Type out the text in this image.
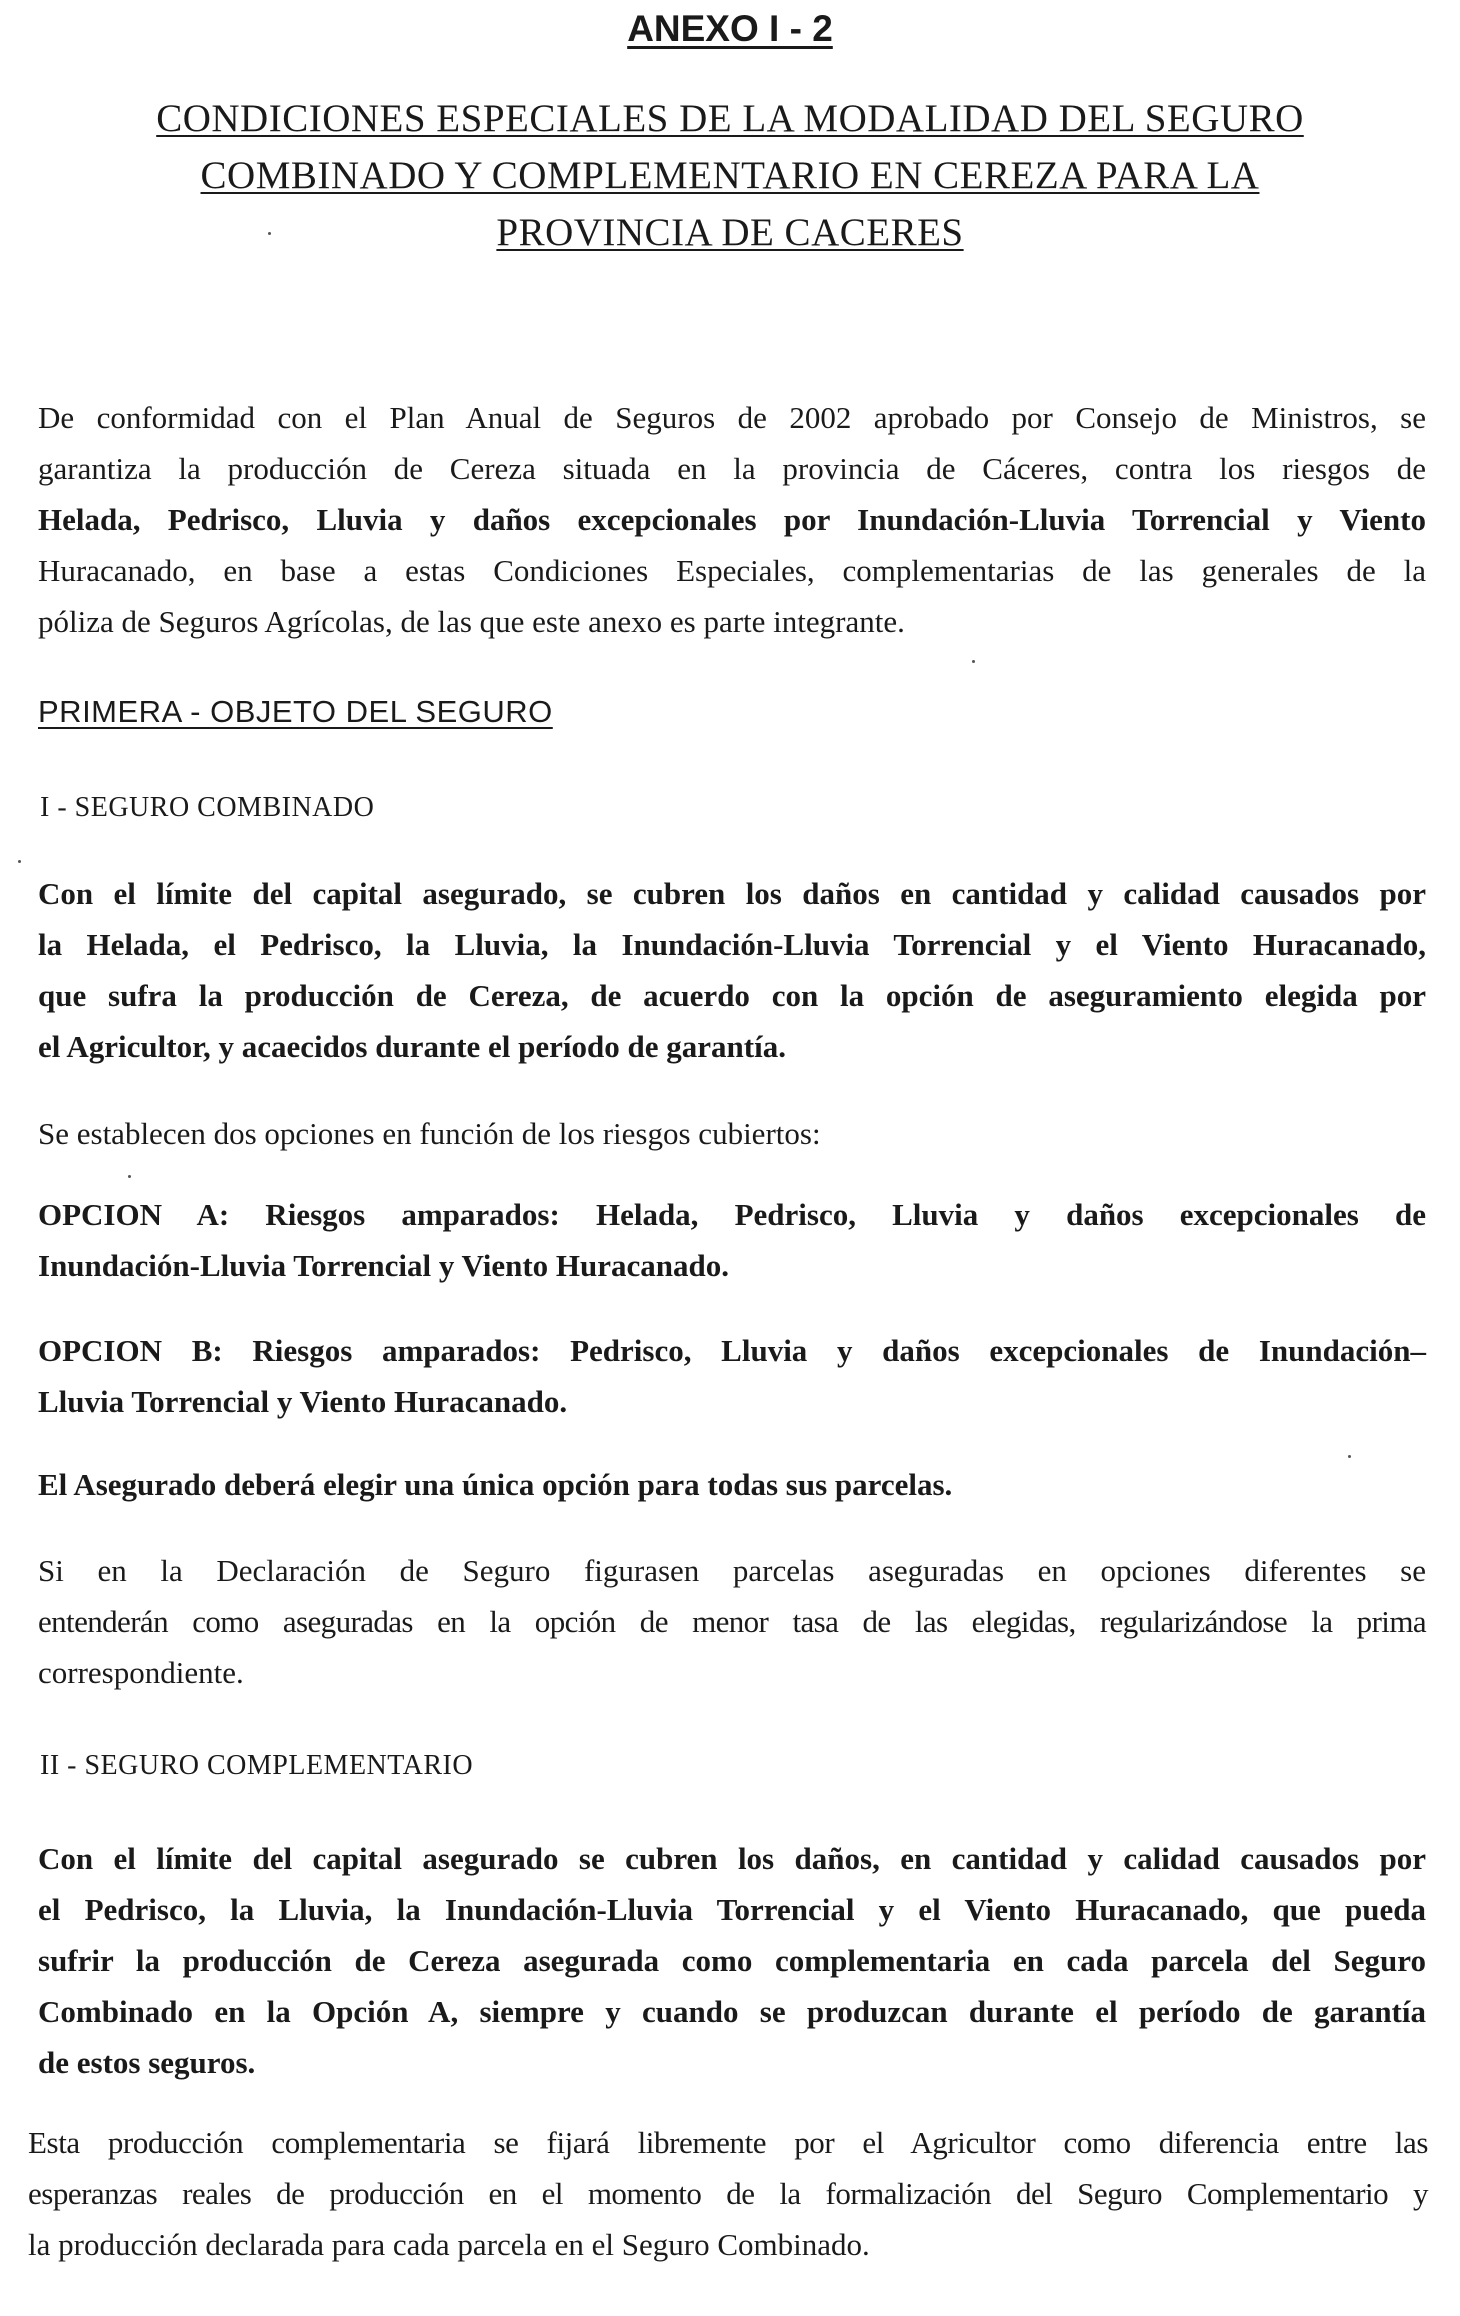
ANEXO I - 2
CONDICIONES ESPECIALES DE LA MODALIDAD DEL SEGURO
COMBINADO Y COMPLEMENTARIO EN CEREZA PARA LA
PROVINCIA DE CACERES
De conformidad con el Plan Anual de Seguros de 2002 aprobado por Consejo de Ministros, se
garantiza la producción de Cereza situada en la provincia de Cáceres, contra los riesgos de
Helada, Pedrisco, Lluvia y daños excepcionales por Inundación-Lluvia Torrencial y Viento
Huracanado, en base a estas Condiciones Especiales, complementarias de las generales de la
póliza de Seguros Agrícolas, de las que este anexo es parte integrante.
PRIMERA - OBJETO DEL SEGURO
I - SEGURO COMBINADO
Con el límite del capital asegurado, se cubren los daños en cantidad y calidad causados por
la Helada, el Pedrisco, la Lluvia, la Inundación-Lluvia Torrencial y el Viento Huracanado,
que sufra la producción de Cereza, de acuerdo con la opción de aseguramiento elegida por
el Agricultor, y acaecidos durante el período de garantía.
Se establecen dos opciones en función de los riesgos cubiertos:
OPCION A: Riesgos amparados: Helada, Pedrisco, Lluvia y daños excepcionales de
Inundación-Lluvia Torrencial y Viento Huracanado.
OPCION B: Riesgos amparados: Pedrisco, Lluvia y daños excepcionales de Inundación–
Lluvia Torrencial y Viento Huracanado.
El Asegurado deberá elegir una única opción para todas sus parcelas.
Si en la Declaración de Seguro figurasen parcelas aseguradas en opciones diferentes se
entenderán como aseguradas en la opción de menor tasa de las elegidas, regularizándose la prima
correspondiente.
II - SEGURO COMPLEMENTARIO
Con el límite del capital asegurado se cubren los daños, en cantidad y calidad causados por
el Pedrisco, la Lluvia, la Inundación-Lluvia Torrencial y el Viento Huracanado, que pueda
sufrir la producción de Cereza asegurada como complementaria en cada parcela del Seguro
Combinado en la Opción A, siempre y cuando se produzcan durante el período de garantía
de estos seguros.
Esta producción complementaria se fijará libremente por el Agricultor como diferencia entre las
esperanzas reales de producción en el momento de la formalización del Seguro Complementario y
la producción declarada para cada parcela en el Seguro Combinado.
